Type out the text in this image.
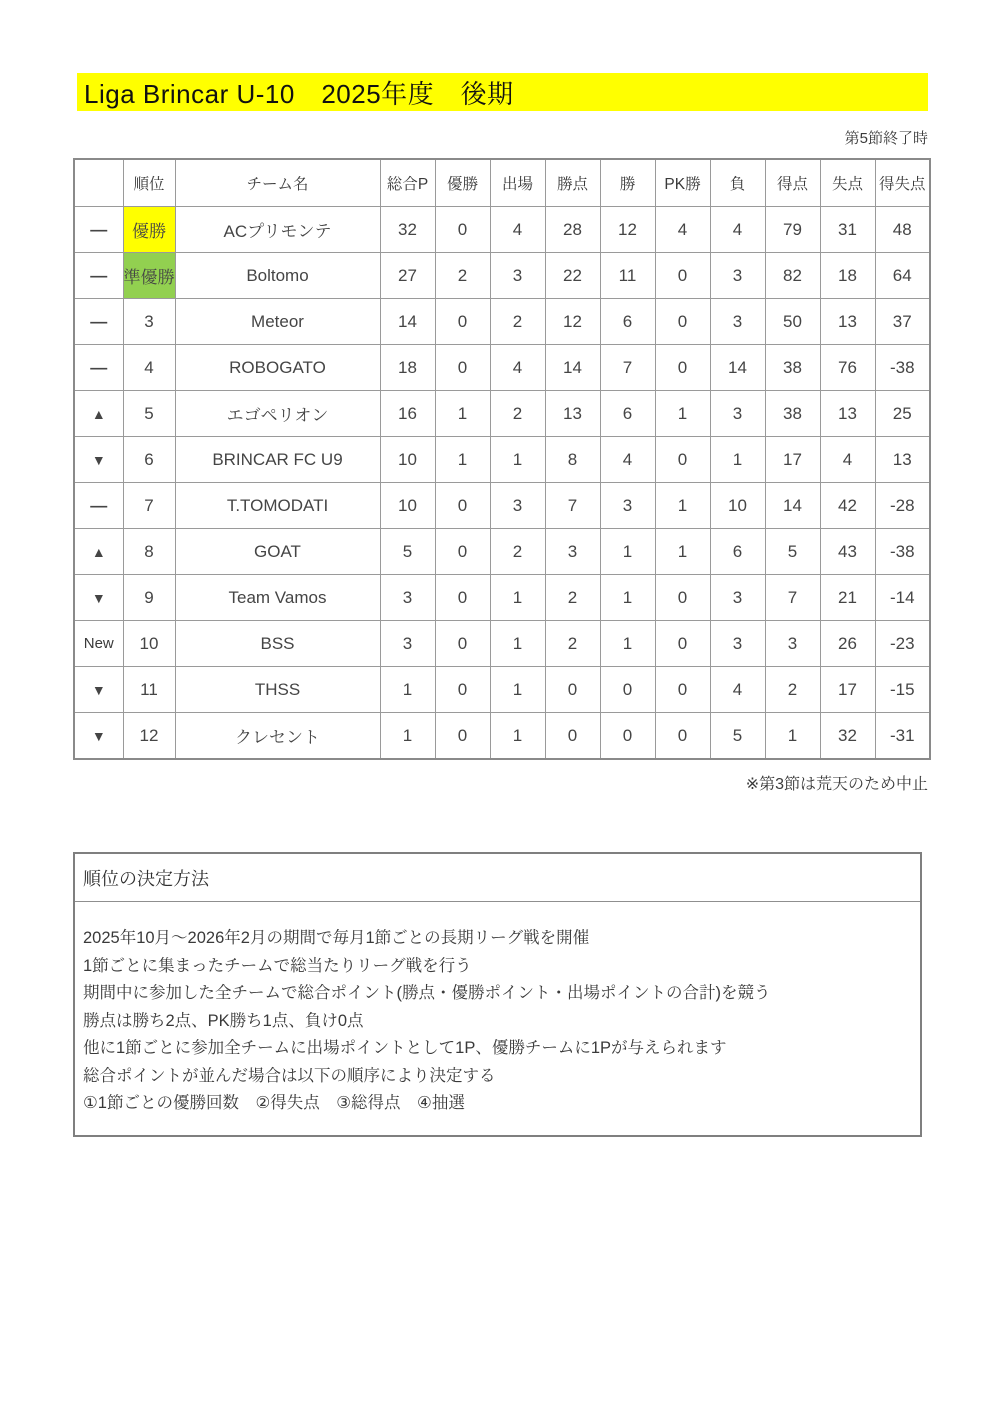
Liga Brincar U-10　2025年度　後期
第5節終了時
	順位	チーム名	総合P	優勝	出場	勝点	勝	PK勝	負	得点	失点	得失点
—	優勝	ACプリモンテ	32	0	4	28	12	4	4	79	31	48
—	準優勝	Boltomo	27	2	3	22	11	0	3	82	18	64
—	3	Meteor	14	0	2	12	6	0	3	50	13	37
—	4	ROBOGATO	18	0	4	14	7	0	14	38	76	-38
▲	5	エゴペリオン	16	1	2	13	6	1	3	38	13	25
▼	6	BRINCAR FC U9	10	1	1	8	4	0	1	17	4	13
—	7	T.TOMODATI	10	0	3	7	3	1	10	14	42	-28
▲	8	GOAT	5	0	2	3	1	1	6	5	43	-38
▼	9	Team Vamos	3	0	1	2	1	0	3	7	21	-14
New	10	BSS	3	0	1	2	1	0	3	3	26	-23
▼	11	THSS	1	0	1	0	0	0	4	2	17	-15
▼	12	クレセント	1	0	1	0	0	0	5	1	32	-31
※第3節は荒天のため中止
順位の決定方法
2025年10月～2026年2月の期間で毎月1節ごとの長期リーグ戦を開催
1節ごとに集まったチームで総当たりリーグ戦を行う
期間中に参加した全チームで総合ポイント(勝点・優勝ポイント・出場ポイントの合計)を競う
勝点は勝ち2点、PK勝ち1点、負け0点
他に1節ごとに参加全チームに出場ポイントとして1P、優勝チームに1Pが与えられます
総合ポイントが並んだ場合は以下の順序により決定する
①1節ごとの優勝回数　②得失点　③総得点　④抽選
